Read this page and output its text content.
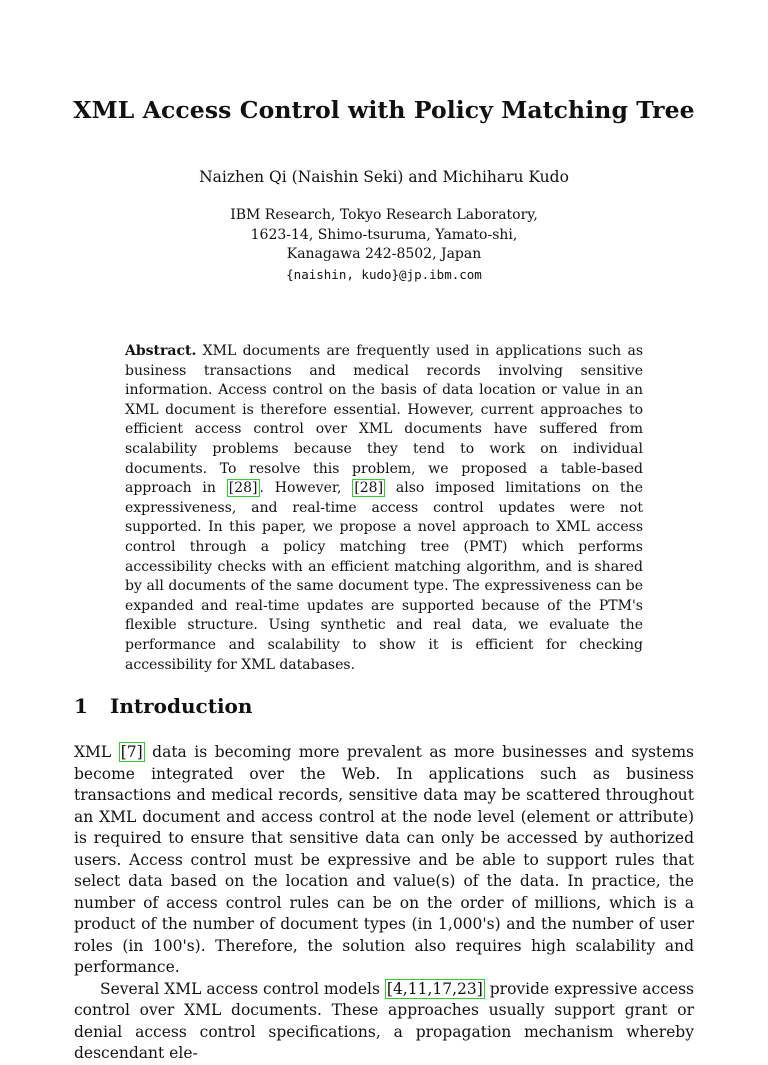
XML Access Control with Policy Matching Tree
Naizhen Qi (Naishin Seki) and Michiharu Kudo
IBM Research, Tokyo Research Laboratory,
1623-14, Shimo-tsuruma, Yamato-shi,
Kanagawa 242-8502, Japan
{naishin, kudo}@jp.ibm.com
Abstract. XML documents are frequently used in applications such as business transactions and medical records involving sensitive information. Access control on the basis of data location or value in an XML document is therefore essential. However, current approaches to efficient access control over XML documents have suffered from scalability problems because they tend to work on individual documents. To resolve this problem, we proposed a table-based approach in [28] . However, [28] also imposed limitations on the expressiveness, and real-time access control updates were not supported. In this paper, we propose a novel approach to XML access control through a policy matching tree (PMT) which performs accessibility checks with an efficient matching algorithm, and is shared by all documents of the same document type. The expressiveness can be expanded and real-time updates are supported because of the PTM's flexible structure. Using synthetic and real data, we evaluate the performance and scalability to show it is efficient for checking accessibility for XML databases.
1 Introduction

XML [7] data is becoming more prevalent as more businesses and systems become integrated over the Web. In applications such as business transactions and medical records, sensitive data may be scattered throughout an XML document and access control at the node level (element or attribute) is required to ensure that sensitive data can only be accessed by authorized users. Access control must be expressive and be able to support rules that select data based on the location and value(s) of the data. In practice, the number of access control rules can be on the order of millions, which is a product of the number of document types (in 1,000's) and the number of user roles (in 100's). Therefore, the solution also requires high scalability and performance.

Several XML access control models [4,11,17,23] provide expressive access control over XML documents. These approaches usually support grant or denial access control specifications, a propagation mechanism whereby descendant ele-
